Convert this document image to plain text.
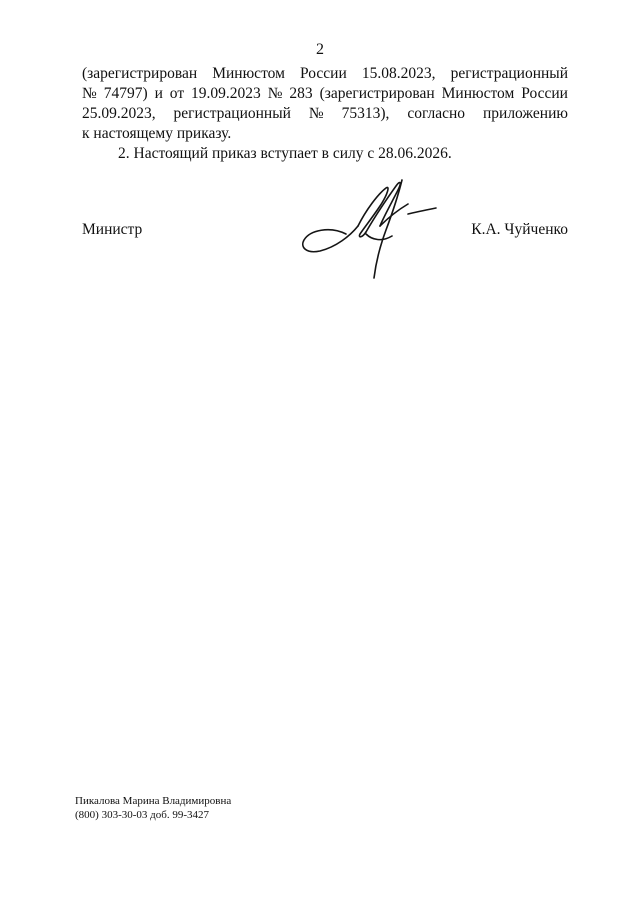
2
(зарегистрирован Минюстом России 15.08.2023, регистрационный
№ 74797) и от 19.09.2023 № 283 (зарегистрирован Минюстом России
25.09.2023, регистрационный № 75313), согласно приложению
к настоящему приказу.
2. Настоящий приказ вступает в силу с 28.06.2026.
Министр	К.А. Чуйченко
Пикалова Марина Владимировна
(800) 303-30-03 доб. 99-3427
